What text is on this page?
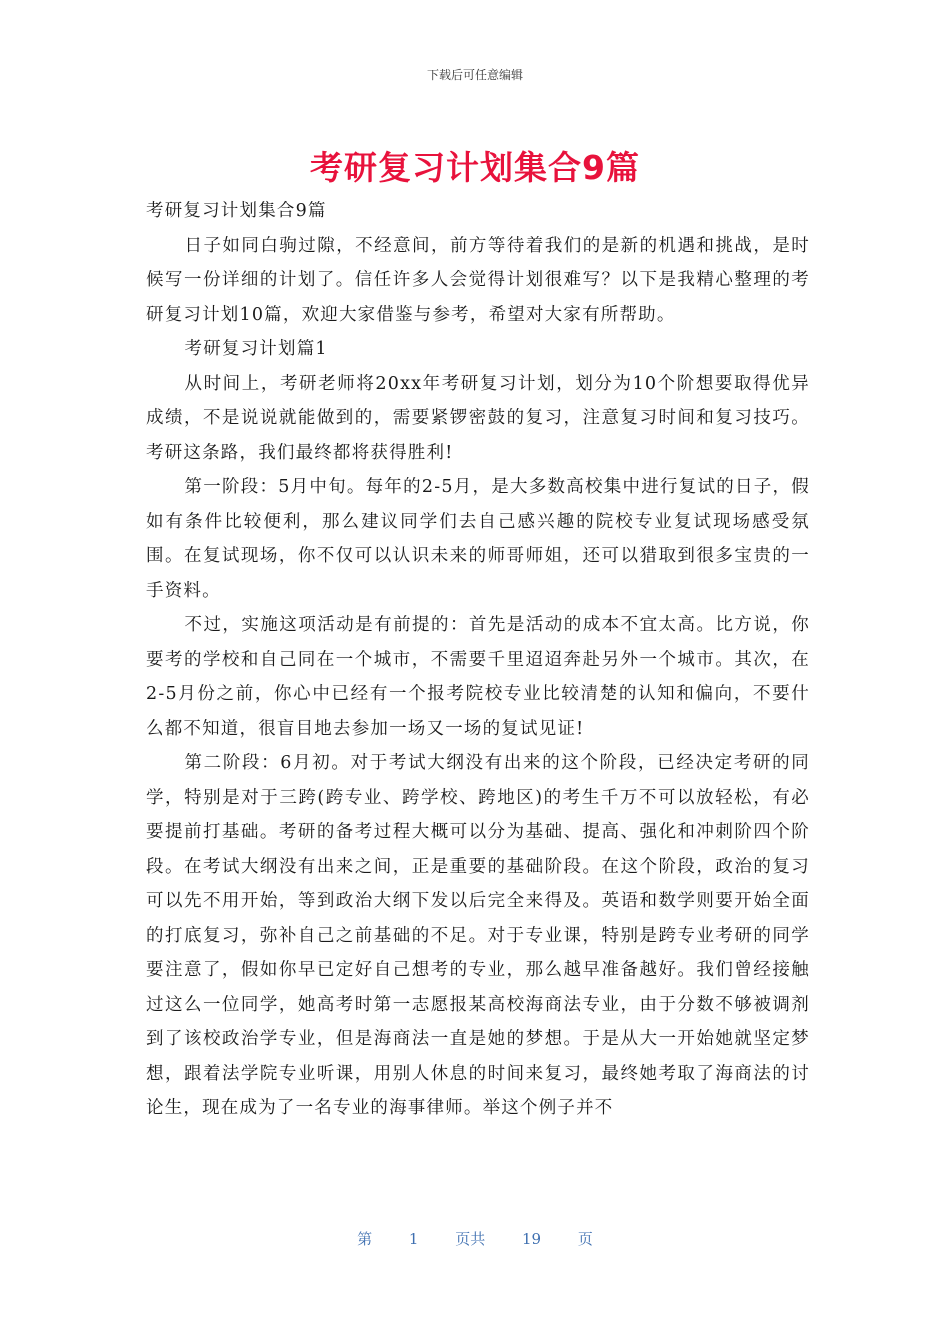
下载后可任意编辑
考研复习计划集合9篇

考研复习计划集合9篇

日子如同白驹过隙，不经意间，前方等待着我们的是新的机遇和挑战，是时候写一份详细的计划了。信任许多人会觉得计划很难写？以下是我精心整理的考研复习计划10篇，欢迎大家借鉴与参考，希望对大家有所帮助。

考研复习计划篇1

从时间上，考研老师将20xx年考研复习计划，划分为10个阶想要取得优异成绩，不是说说就能做到的，需要紧锣密鼓的复习，注意复习时间和复习技巧。考研这条路，我们最终都将获得胜利!

第一阶段：5月中旬。每年的2-5月，是大多数高校集中进行复试的日子，假如有条件比较便利，那么建议同学们去自己感兴趣的院校专业复试现场感受氛围。在复试现场，你不仅可以认识未来的师哥师姐，还可以猎取到很多宝贵的一手资料。

不过，实施这项活动是有前提的：首先是活动的成本不宜太高。比方说，你要考的学校和自己同在一个城市，不需要千里迢迢奔赴另外一个城市。其次，在2-5月份之前，你心中已经有一个报考院校专业比较清楚的认知和偏向，不要什么都不知道，很盲目地去参加一场又一场的复试见证!

第二阶段：6月初。对于考试大纲没有出来的这个阶段，已经决定考研的同学，特别是对于三跨(跨专业、跨学校、跨地区)的考生千万不可以放轻松，有必要提前打基础。考研的备考过程大概可以分为基础、提高、强化和冲刺阶四个阶段。在考试大纲没有出来之间，正是重要的基础阶段。在这个阶段，政治的复习可以先不用开始，等到政治大纲下发以后完全来得及。英语和数学则要开始全面的打底复习，弥补自己之前基础的不足。对于专业课，特别是跨专业考研的同学要注意了，假如你早已定好自己想考的专业，那么越早准备越好。我们曾经接触过这么一位同学，她高考时第一志愿报某高校海商法专业，由于分数不够被调剂到了该校政治学专业，但是海商法一直是她的梦想。于是从大一开始她就坚定梦想，跟着法学院专业听课，用别人休息的时间来复习，最终她考取了海商法的讨论生，现在成为了一名专业的海事律师。举这个例子并不

第 1 页共 19 页
